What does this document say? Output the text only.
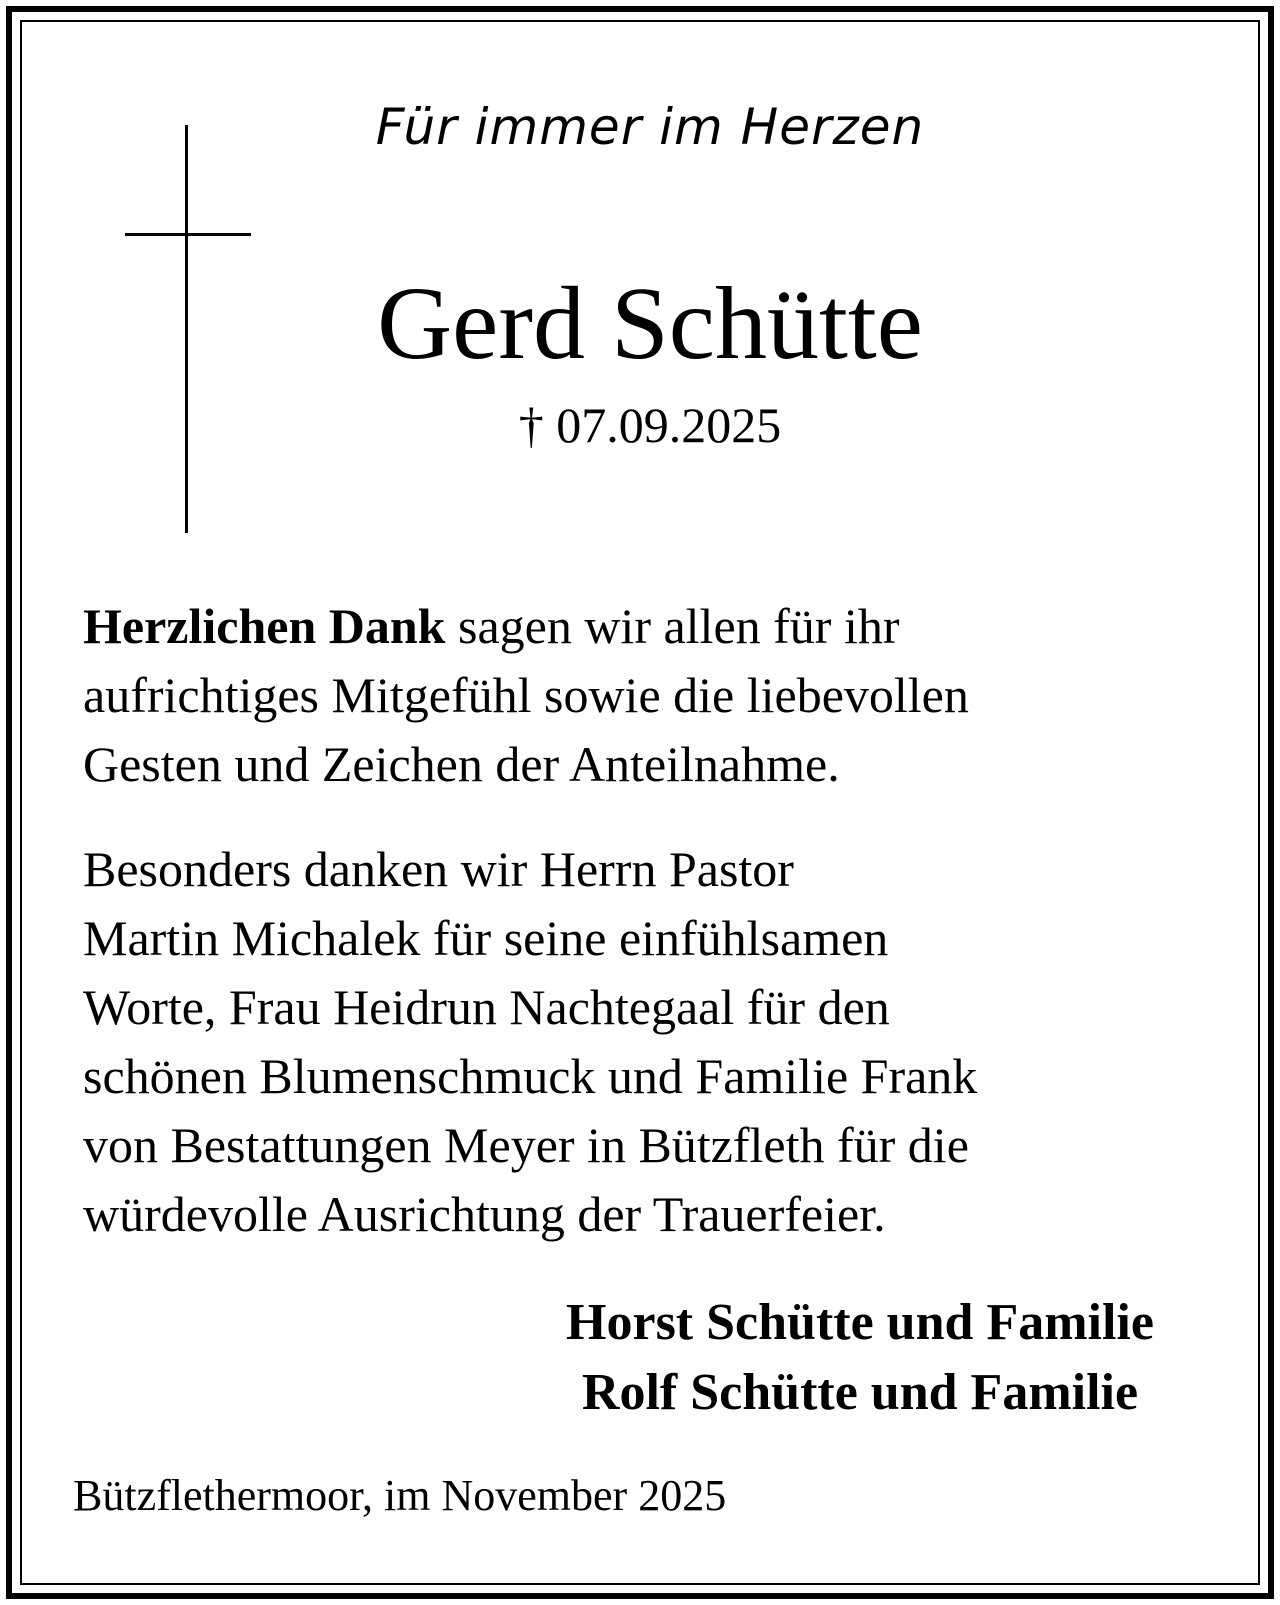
Für immer im Herzen
Gerd Schütte
† 07.09.2025

Herzlichen Dank sagen wir allen für ihr
aufrichtiges Mitgefühl sowie die liebevollen
Gesten und Zeichen der Anteilnahme.

Besonders danken wir Herrn Pastor
Martin Michalek für seine einfühlsamen
Worte, Frau Heidrun Nachtegaal für den
schönen Blumenschmuck und Familie Frank
von Bestattungen Meyer in Bützfleth für die
würdevolle Ausrichtung der Trauerfeier.

Horst Schütte und Familie
Rolf Schütte und Familie
Bützflethermoor, im November 2025
